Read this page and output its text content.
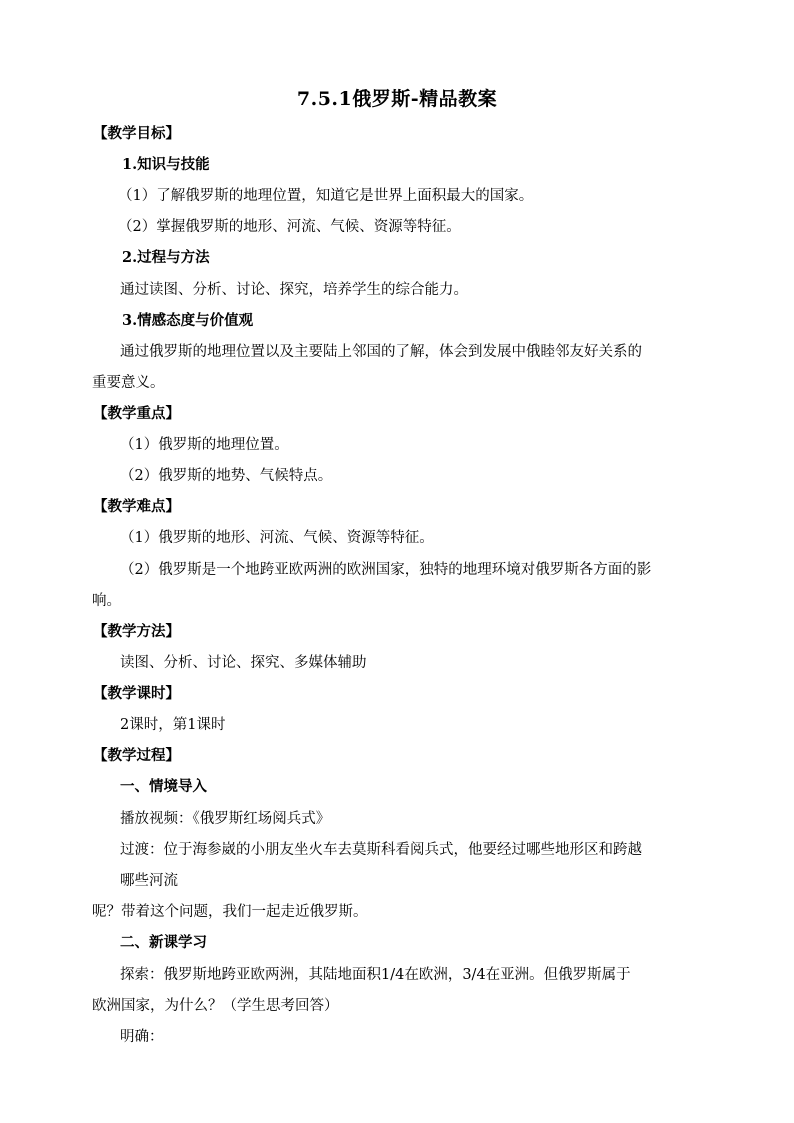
7.5.1俄罗斯-精品教案
【教学目标】
1.知识与技能
（1）了解俄罗斯的地理位置，知道它是世界上面积最大的国家。
（2）掌握俄罗斯的地形、河流、气候、资源等特征。
2.过程与方法
通过读图、分析、讨论、探究，培养学生的综合能力。
3.情感态度与价值观
通过俄罗斯的地理位置以及主要陆上邻国的了解，体会到发展中俄睦邻友好关系的
重要意义。
【教学重点】
（1）俄罗斯的地理位置。
（2）俄罗斯的地势、气候特点。
【教学难点】
（1）俄罗斯的地形、河流、气候、资源等特征。
（2）俄罗斯是一个地跨亚欧两洲的欧洲国家，独特的地理环境对俄罗斯各方面的影
响。
【教学方法】
读图、分析、讨论、探究、多媒体辅助
【教学课时】
2课时，第1课时
【教学过程】
一、情境导入
播放视频：《俄罗斯红场阅兵式》
过渡：位于海参崴的小朋友坐火车去莫斯科看阅兵式，他要经过哪些地形区和跨越
哪些河流
呢？带着这个问题，我们一起走近俄罗斯。
二、新课学习
探索：俄罗斯地跨亚欧两洲，其陆地面积1/4在欧洲，3/4在亚洲。但俄罗斯属于
欧洲国家，为什么？（学生思考回答）
明确：
